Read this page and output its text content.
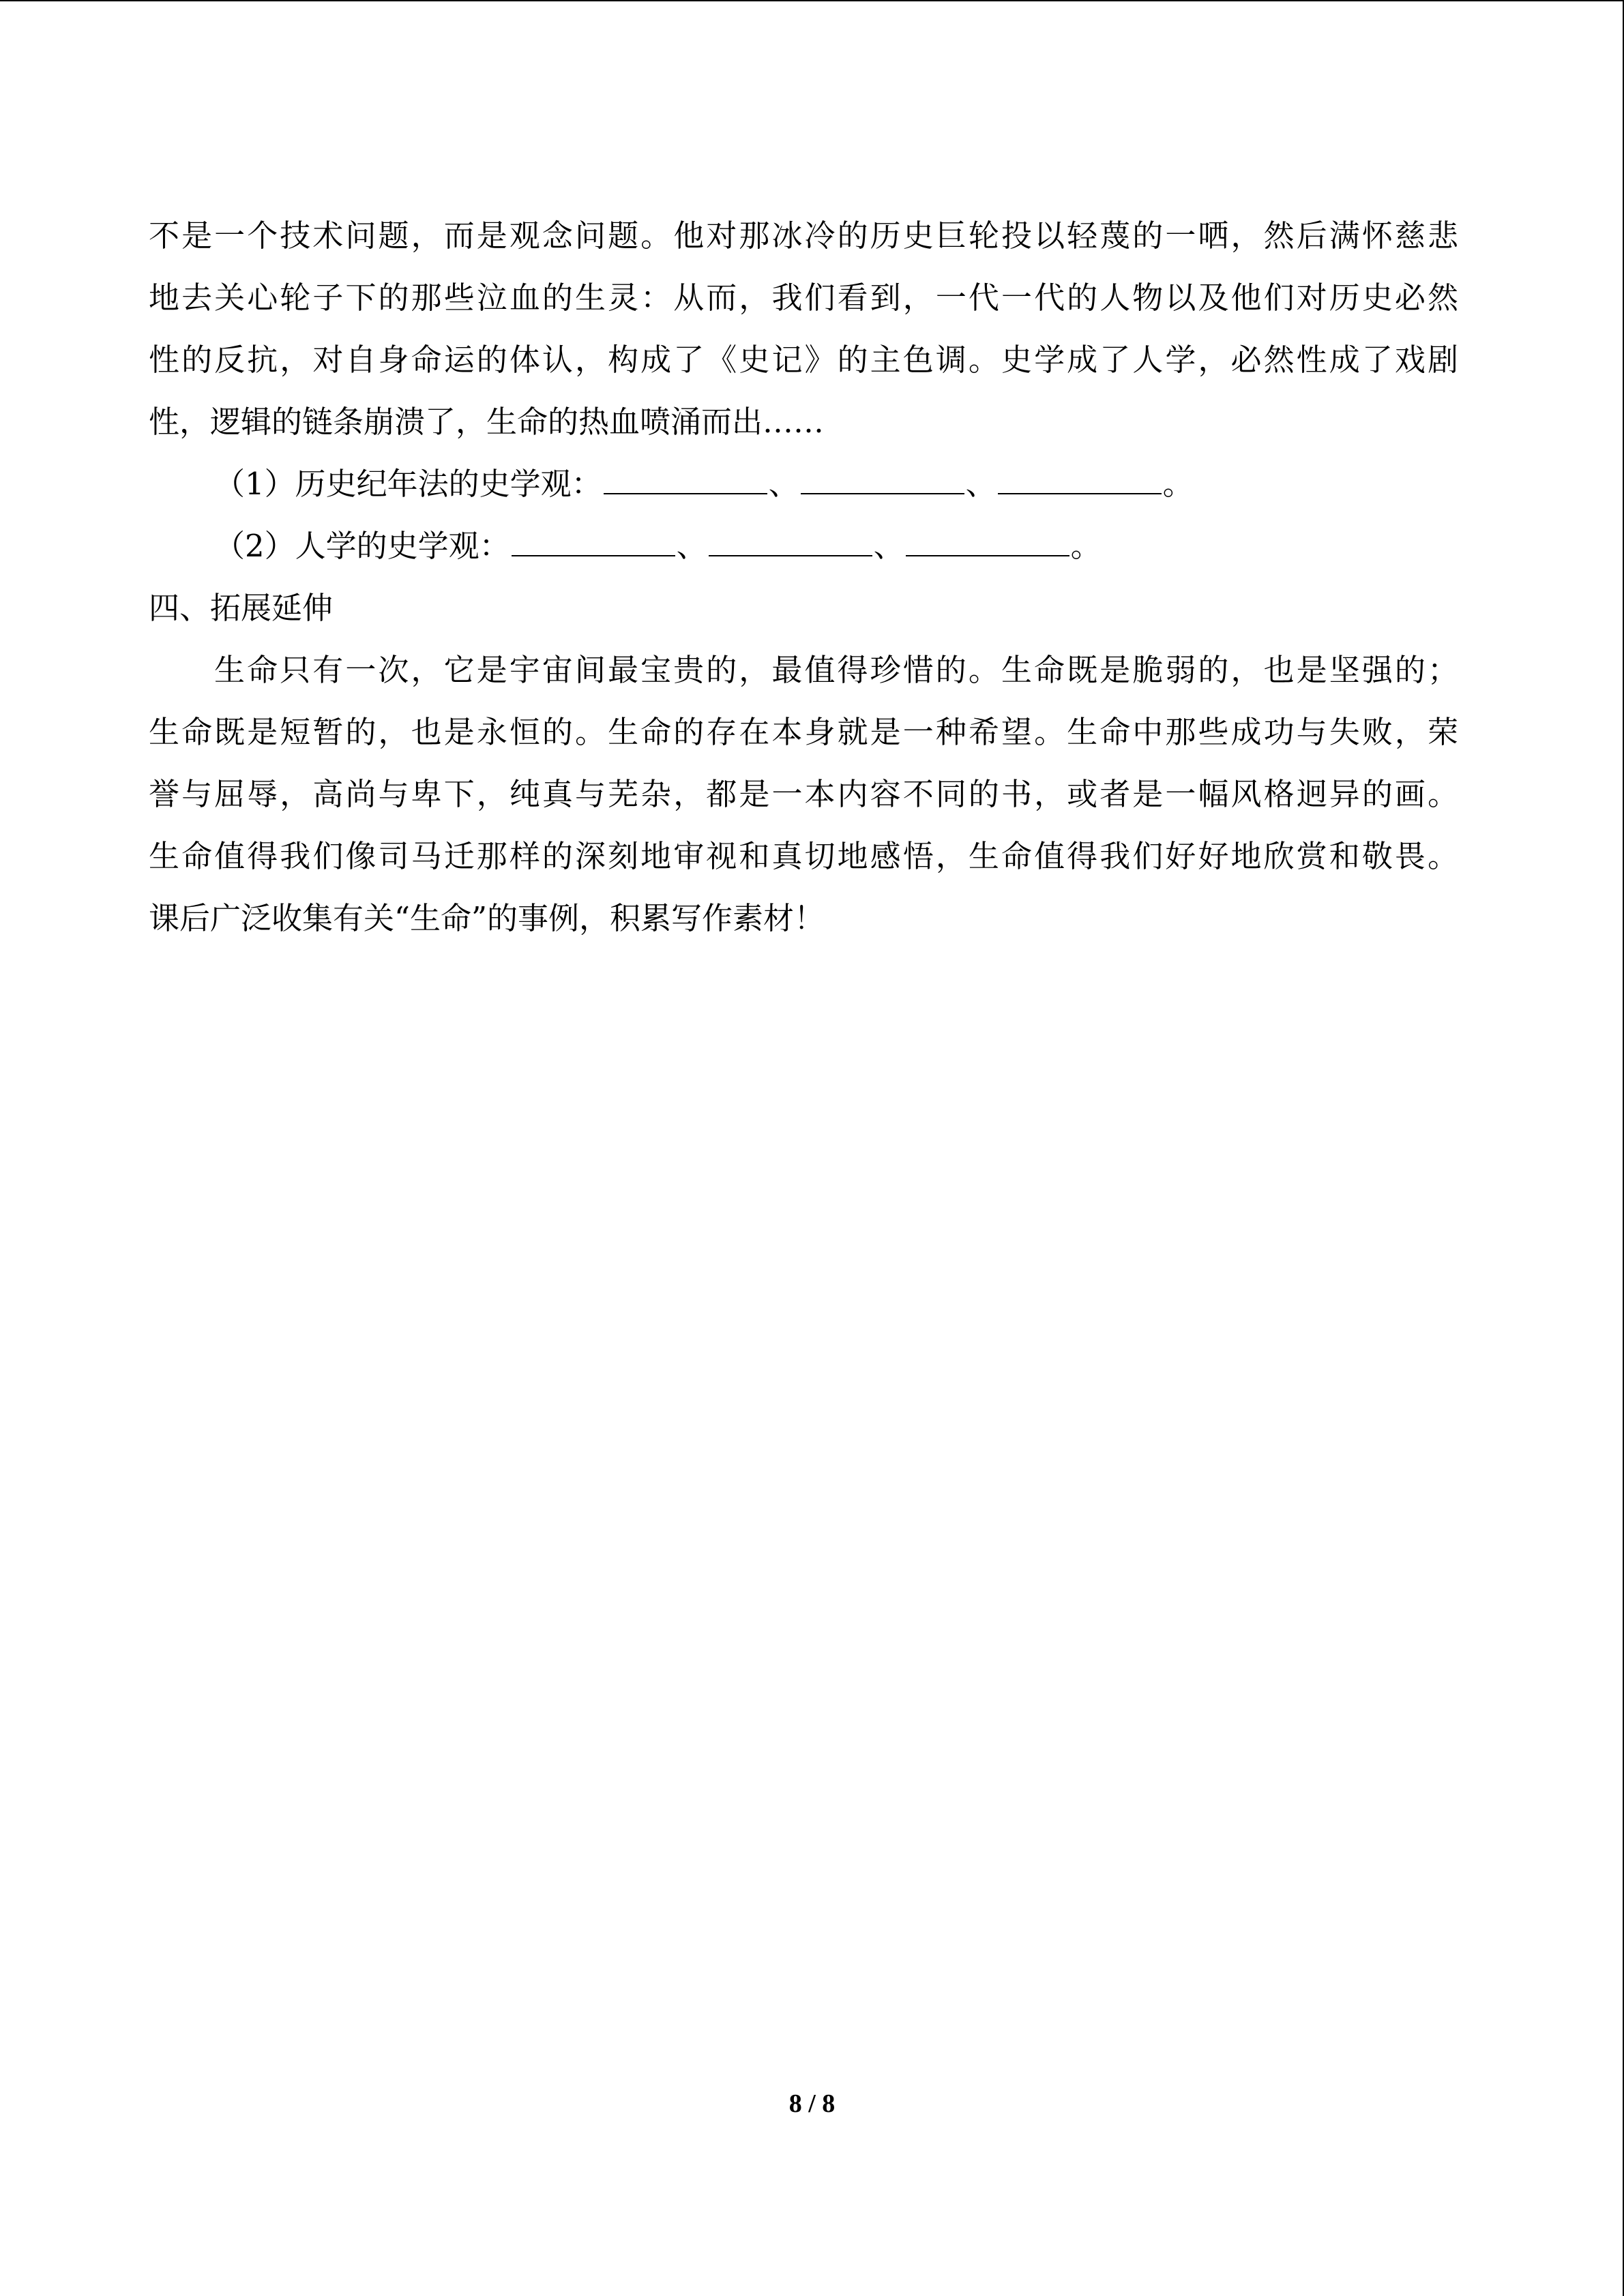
不是一个技术问题，而是观念问题。他对那冰冷的历史巨轮投以轻蔑的一哂，然后满怀慈悲
地去关心轮子下的那些泣血的生灵：从而，我们看到，一代一代的人物以及他们对历史必然
性的反抗，对自身命运的体认，构成了《史记》的主色调。史学成了人学，必然性成了戏剧
性，逻辑的链条崩溃了，生命的热血喷涌而出……
（1）历史纪年法的史学观：	、	、	。
（2）人学的史学观：	、	、	。
四、拓展延伸
生命只有一次，它是宇宙间最宝贵的，最值得珍惜的。生命既是脆弱的，也是坚强的；
生命既是短暂的，也是永恒的。生命的存在本身就是一种希望。生命中那些成功与失败，荣
誉与屈辱，高尚与卑下，纯真与芜杂，都是一本内容不同的书，或者是一幅风格迥异的画。
生命值得我们像司马迁那样的深刻地审视和真切地感悟，生命值得我们好好地欣赏和敬畏。
课后广泛收集有关“生命”的事例，积累写作素材！
8 / 8
